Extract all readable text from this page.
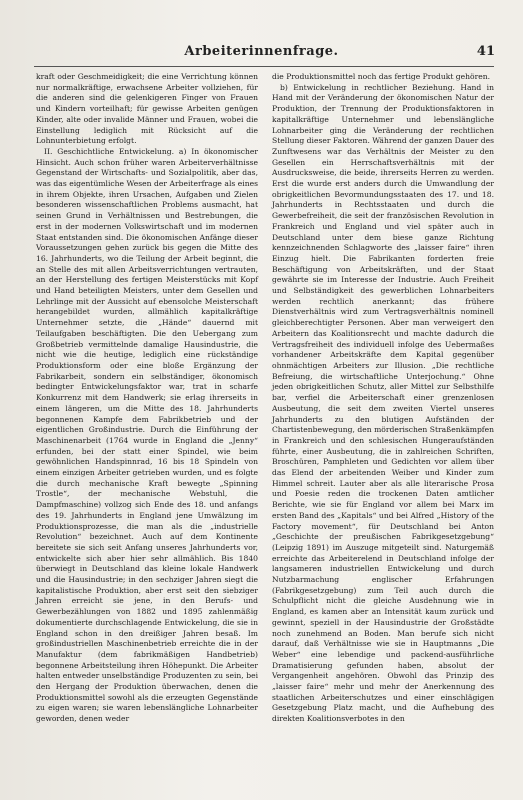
Arbeiterinnenfrage.	41

kraft oder Geschmeidigkeit; die eine Verrichtung können nur normalkräftige, erwachsene Arbeiter vollziehen, für die anderen sind die gelenkigeren Finger von Frauen und Kindern vorteilhaft; für gewisse Arbeiten genügen Kinder, alte oder invalide Männer und Frauen, wobei die Einstellung lediglich mit Rücksicht auf die Lohnunterbietung erfolgt.

II. Geschichtliche Entwickelung. a) In ökonomischer Hinsicht. Auch schon früher waren Arbeiterverhältnisse Gegenstand der Wirtschafts- und Sozialpolitik, aber das, was das eigentümliche Wesen der Arbeiterfrage als eines in ihrem Objekte, ihren Ursachen, Aufgaben und Zielen besonderen wissenschaftlichen Problems ausmacht, hat seinen Grund in Verhältnissen und Bestrebungen, die erst in der modernen Volkswirtschaft und im modernen Staat entstanden sind. Die ökonomischen Anfänge dieser Voraussetzungen gehen zurück bis gegen die Mitte des 16. Jahrhunderts, wo die Teilung der Arbeit beginnt, die an Stelle des mit allen Arbeitsverrichtungen vertrauten, an der Herstellung des fertigen Meisterstücks mit Kopf und Hand beteiligten Meisters, unter dem Gesellen und Lehrlinge mit der Aussicht auf ebensolche Meisterschaft herangebildet wurden, allmählich kapitalkräftige Unternehmer setzte, die „Hände“ dauernd mit Teilaufgaben beschäftigten. Die den Uebergang zum Großbetrieb vermittelnde damalige Hausindustrie, die nicht wie die heutige, lediglich eine rückständige Produktionsform oder eine bloße Ergänzung der Fabrikarbeit, sondern ein selbständiger, ökonomisch bedingter Entwickelungsfaktor war, trat in scharfe Konkurrenz mit dem Handwerk; sie erlag ihrerseits in einem längeren, um die Mitte des 18. Jahrhunderts begonnenen Kampfe dem Fabrikbetrieb und der eigentlichen Großindustrie. Durch die Einführung der Maschinenarbeit (1764 wurde in England die „Jenny“ erfunden, bei der statt einer Spindel, wie beim gewöhnlichen Handspinnrad, 16 bis 18 Spindeln von einem einzigen Arbeiter getrieben wurden, und es folgte die durch mechanische Kraft bewegte „Spinning Trostle“, der mechanische Webstuhl, die Dampfmaschine) vollzog sich Ende des 18. und anfangs des 19. Jahrhunderts in England jene Umwälzung im Produktionsprozesse, die man als die „industrielle Revolution“ bezeichnet. Auch auf dem Kontinente bereitete sie sich seit Anfang unseres Jahrhunderts vor, entwickelte sich aber hier sehr allmählich. Bis 1840 überwiegt in Deutschland das kleine lokale Handwerk und die Hausindustrie; in den sechziger Jahren siegt die kapitalistische Produktion, aber erst seit den siebziger Jahren erreicht sie jene, in den Berufs- und Gewerbezählungen von 1882 und 1895 zahlenmäßig dokumentierte durchschlagende Entwickelung, die sie in England schon in den dreißiger Jahren besaß. Im großindustriellen Maschinenbetrieb erreichte die in der Manufaktur (dem fabrikmäßigen Handbetrieb) begonnene Arbeitsteilung ihren Höhepunkt. Die Arbeiter halten entweder unselbständige Produzenten zu sein, bei den Hergang der Produktion überwachen, denen die Produktionsmittel sowohl als die erzeugten Gegenstände zu eigen waren; sie waren lebenslängliche Lohnarbeiter geworden, denen weder

die Produktionsmittel noch das fertige Produkt gehören.

b) Entwickelung in rechtlicher Beziehung. Hand in Hand mit der Veränderung der ökonomischen Natur der Produktion, der Trennung der Produktionsfaktoren in kapitalkräftige Unternehmer und lebenslängliche Lohnarbeiter ging die Veränderung der rechtlichen Stellung dieser Faktoren. Während der ganzen Dauer des Zunftwesens war das Verhältnis der Meister zu den Gesellen ein Herrschaftsverhältnis mit der Ausdrucksweise, die beide, ihrerseits Herren zu werden. Erst die wurde erst anders durch die Umwandlung der obrigkeitlichen Bevormundungsstaaten des 17. und 18. Jahrhunderts in Rechtsstaaten und durch die Gewerbefreiheit, die seit der französischen Revolution in Frankreich und England und viel später auch in Deutschland unter dem biese ganze Richtung kennzeichnenden Schlagworte des „laisser faire“ ihren Einzug hielt. Die Fabrikanten forderten freie Beschäftigung von Arbeitskräften, und der Staat gewährte sie im Interesse der Industrie. Auch Freiheit und Selbständigkeit des gewerblichen Lohnarbeiters werden rechtlich anerkannt; das frühere Dienstverhältnis wird zum Vertragsverhältnis nominell gleichberechtigter Personen. Aber man verweigert den Arbeitern das Koalitionsrecht und machte dadurch die Vertragsfreiheit des individuell infolge des Uebermaßes vorhandener Arbeitskräfte dem Kapital gegenüber ohnmächtigen Arbeiters zur Illusion. „Die rechtliche Befreiung, die wirtschaftliche Unterjochung.“ Ohne jeden obrigkeitlichen Schutz, aller Mittel zur Selbsthilfe bar, verfiel die Arbeiterschaft einer grenzenlosen Ausbeutung, die seit dem zweiten Viertel unseres Jahrhunderts zu den blutigen Aufständen der Chartistenbewegung, den mörderischen Straßenkämpfen in Frankreich und den schlesischen Hungeraufständen führte, einer Ausbeutung, die in zahlreichen Schriften, Broschüren, Pamphleten und Gedichten vor allem über das Elend der arbeitenden Weiber und Kinder zum Himmel schreit. Lauter aber als alle literarische Prosa und Poesie reden die trockenen Daten amtlicher Berichte, wie sie für England vor allem bei Marx im ersten Band des „Kapitals“ und bei Alfred „History of the Factory movement“, für Deutschland bei Anton „Geschichte der preußischen Fabrikgesetzgebung“ (Leipzig 1891) im Auszuge mitgeteilt sind. Naturgemäß erreichte das Arbeiterelend in Deutschland infolge der langsameren industriellen Entwickelung und durch Nutzbarmachung englischer Erfahrungen (Fabrikgesetzgebung) zum Teil auch durch die Schulpflicht nicht die gleiche Ausdehnung wie in England, es kamen aber an Intensität kaum zurück und gewinnt, speziell in der Hausindustrie der Großstädte noch zunehmend an Boden. Man berufe sich nicht darauf, daß Verhältnisse wie sie in Hauptmanns „Die Weber“ eine lebendige und packend-ausführliche Dramatisierung gefunden haben, absolut der Vergangenheit angehören. Obwohl das Prinzip des „laisser faire“ mehr und mehr der Anerkennung des staatlichen Arbeiterschutzes und einer einschlägigen Gesetzgebung Platz macht, und die Aufhebung des direkten Koalitionsverbotes in den
